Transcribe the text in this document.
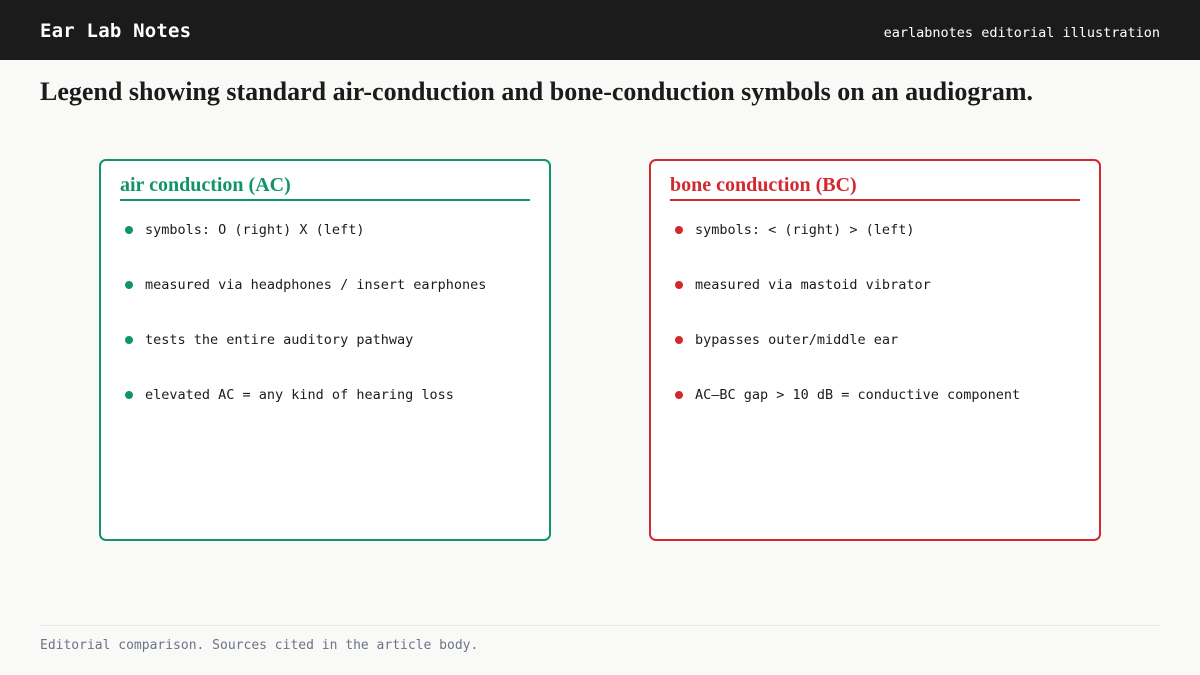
Ear Lab Notes	earlabnotes editorial illustration
Legend showing standard air-conduction and bone-conduction symbols on an audiogram.
air conduction (AC)
symbols: O (right) X (left)
measured via headphones / insert earphones
tests the entire auditory pathway
elevated AC = any kind of hearing loss
bone conduction (BC)
symbols: < (right) > (left)
measured via mastoid vibrator
bypasses outer/middle ear
AC–BC gap > 10 dB = conductive component
Editorial comparison. Sources cited in the article body.
